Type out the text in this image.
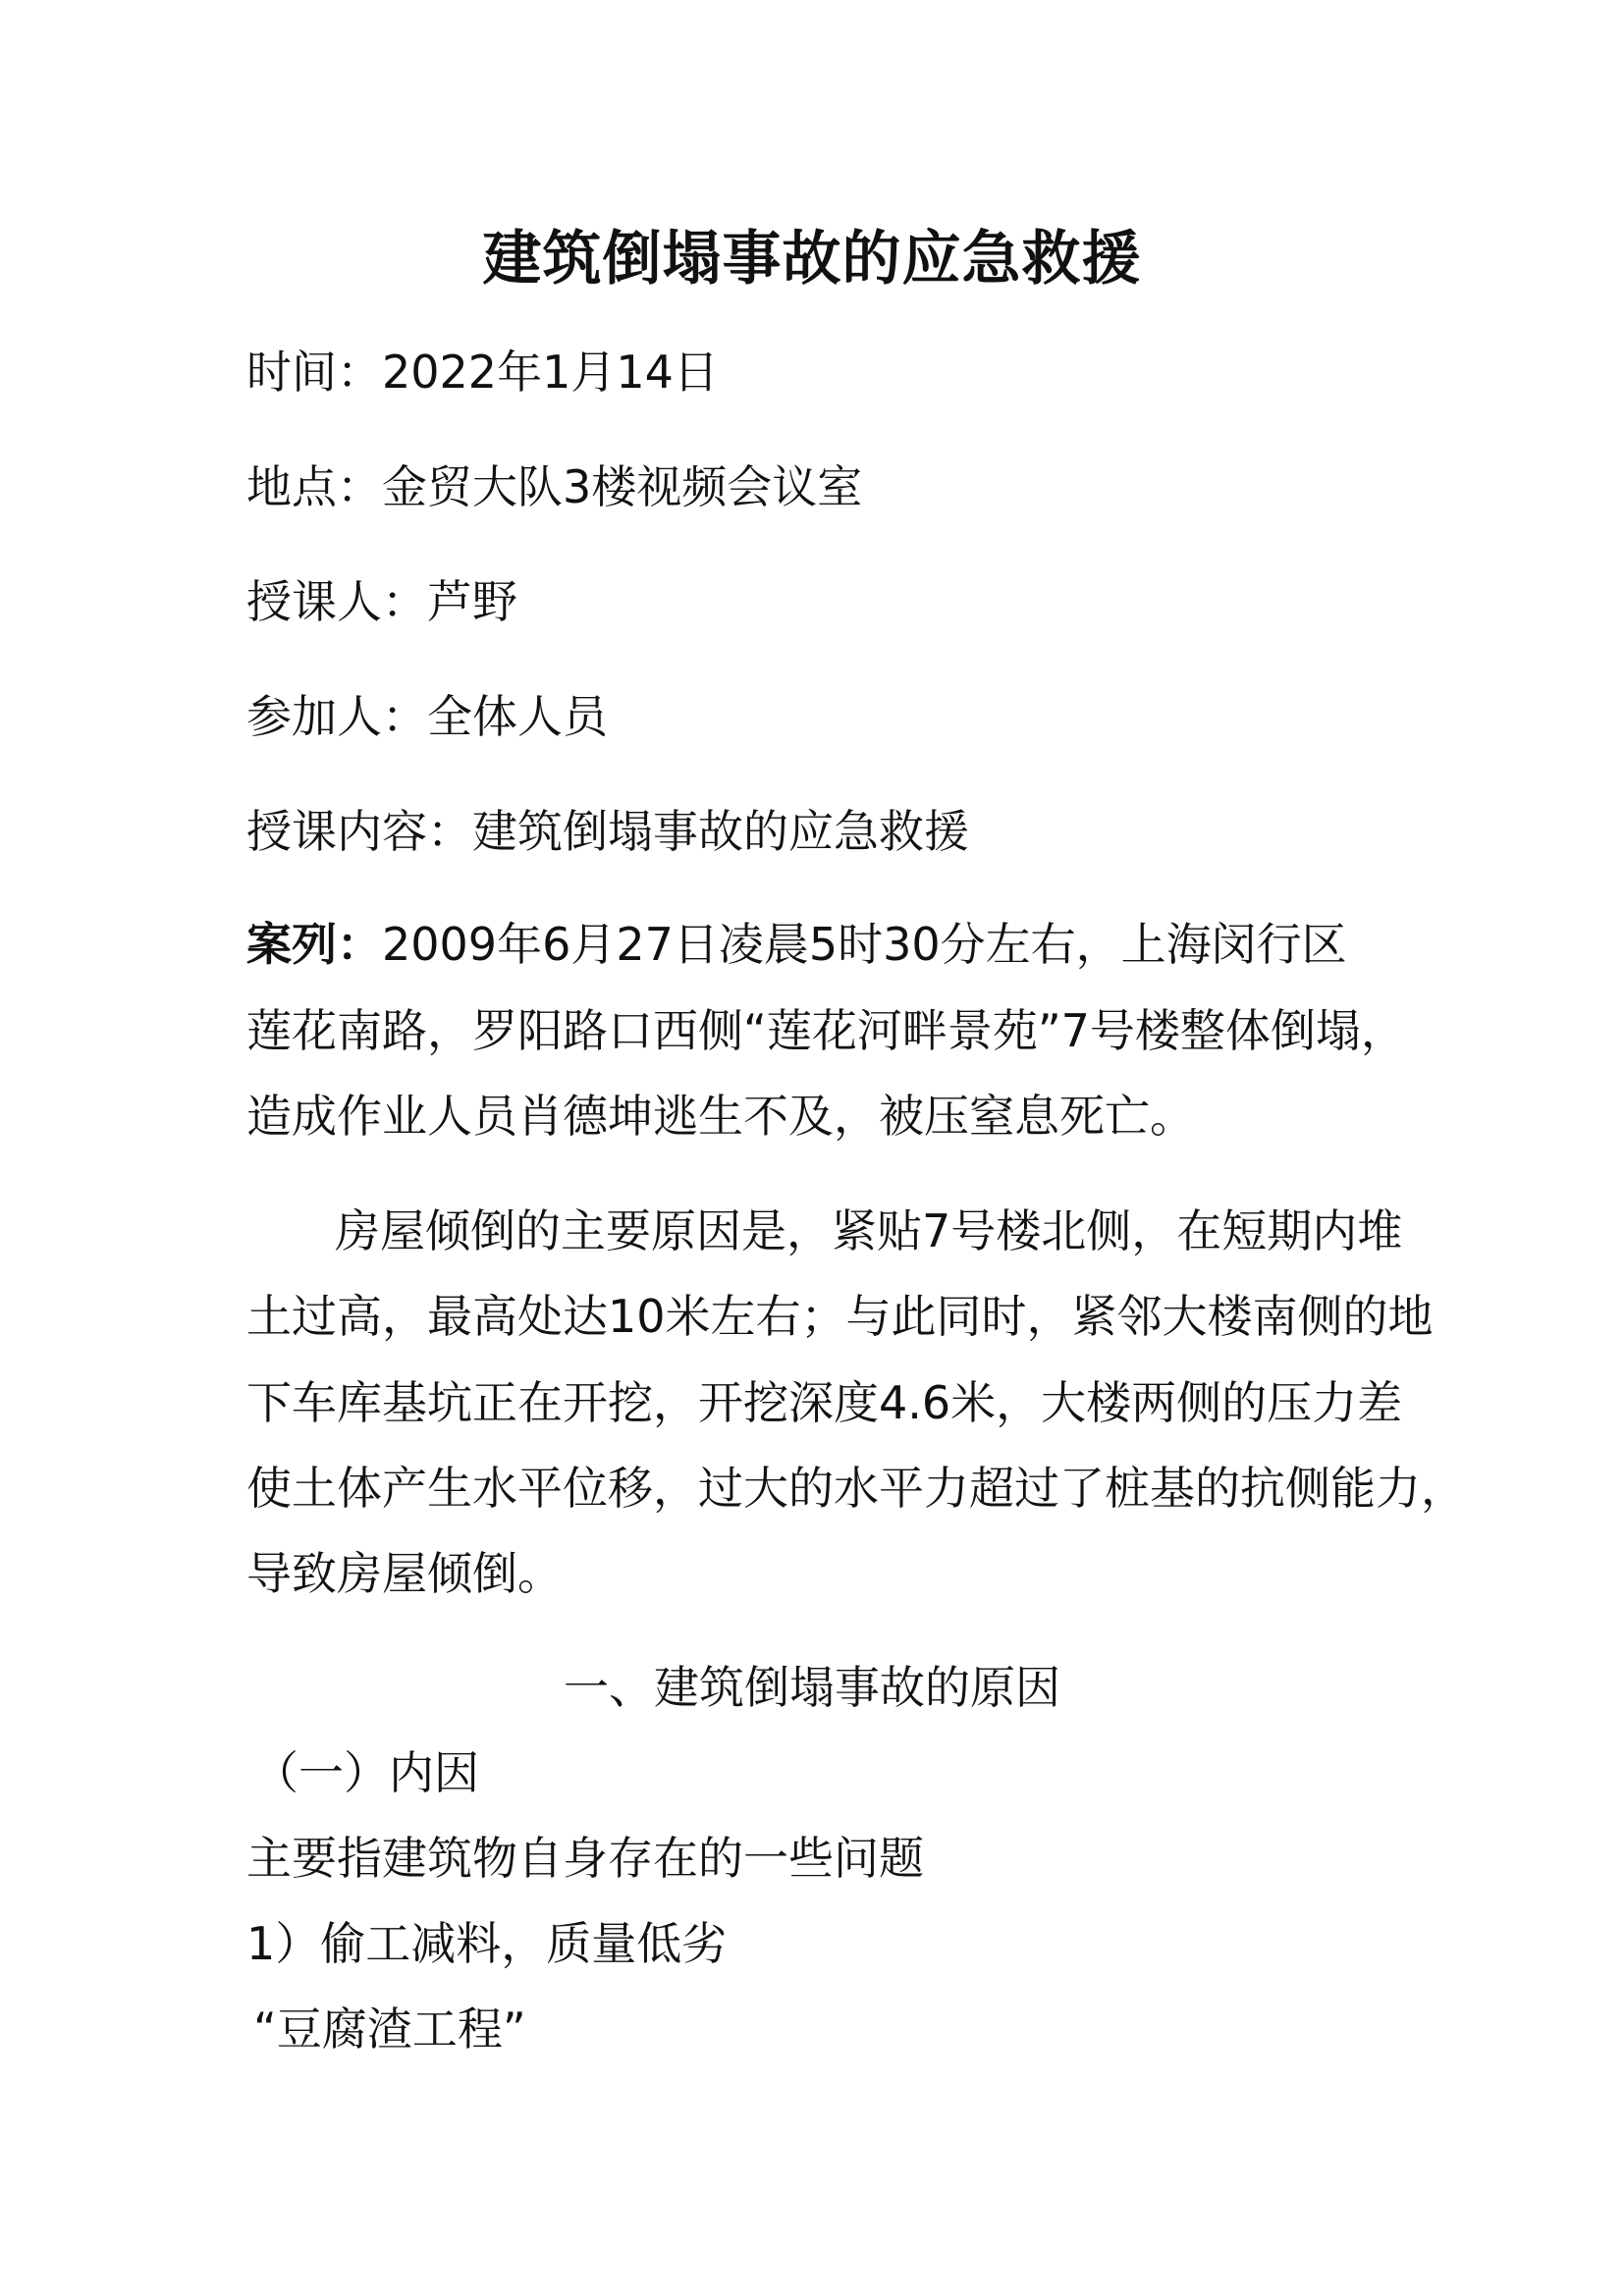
建筑倒塌事故的应急救援
时间：2022年1月14日
地点：金贸大队3楼视频会议室
授课人：芦野
参加人：全体人员
授课内容：建筑倒塌事故的应急救援
案列：2009年6月27日凌晨5时30分左右，上海闵行区
莲花南路，罗阳路口西侧“莲花河畔景苑”7号楼整体倒塌，
造成作业人员肖德坤逃生不及，被压窒息死亡。
房屋倾倒的主要原因是，紧贴7号楼北侧，在短期内堆
土过高，最高处达10米左右；与此同时，紧邻大楼南侧的地
下车库基坑正在开挖，开挖深度4.6米，大楼两侧的压力差
使土体产生水平位移，过大的水平力超过了桩基的抗侧能力，
导致房屋倾倒。
一、建筑倒塌事故的原因
（一）内因
主要指建筑物自身存在的一些问题
1）偷工减料，质量低劣
“豆腐渣工程”
